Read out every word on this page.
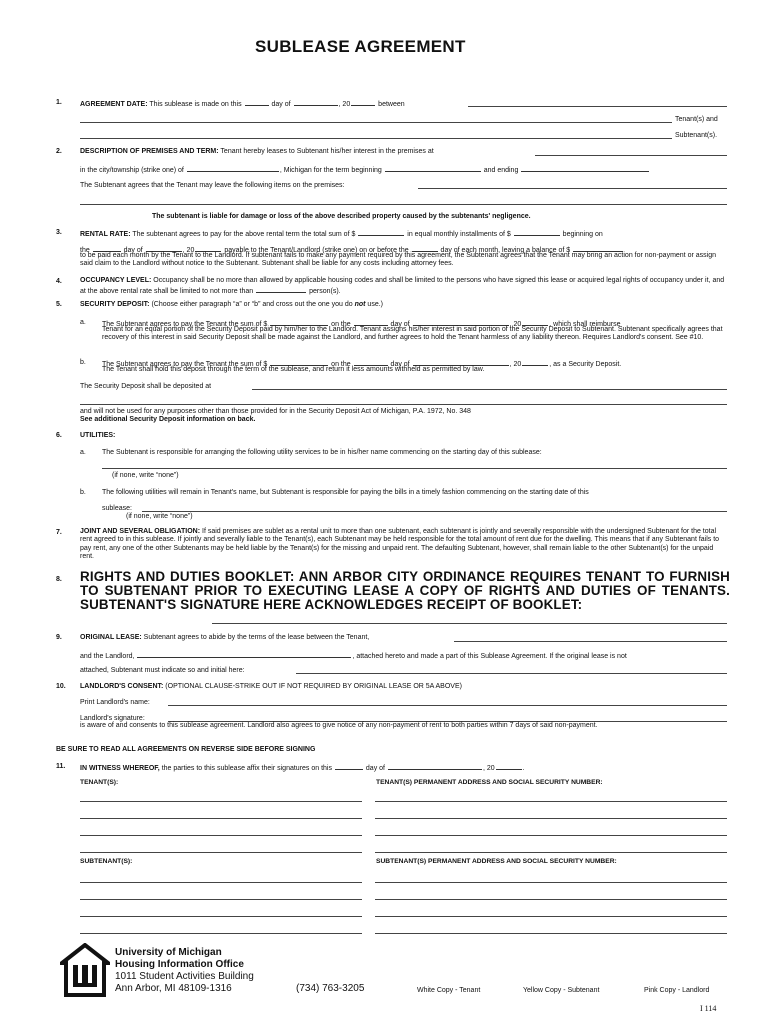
SUBLEASE AGREEMENT
1.	AGREEMENT DATE: This sublease is made on this	day of	, 20	between
Tenant(s) and
Subtenant(s).
2.	DESCRIPTION OF PREMISES AND TERM: Tenant hereby leases to Subtenant his/her interest in the premises at
in the city/township (strike one) of	, Michigan for the term beginning	and ending
The Subtenant agrees that the Tenant may leave the following items on the premises:
The subtenant is liable for damage or loss of the above described property caused by the subtenants' negligence.
3.	RENTAL RATE: The subtenant agrees to pay for the above rental term the total sum of $	in equal monthly installments of $	beginning on
the	day of	, 20	payable to the Tenant/Landlord (strike one) on or before the	day of each month, leaving a balance of $
to be paid each month by the Tenant to the Landlord. If subtenant fails to make any payment required by this agreement, the Subtenant agrees that the Tenant may bring an action for non-payment or assign said claim to the Landlord without notice to the Subtenant. Subtenant shall be liable for any costs including attorney fees.
4.	OCCUPANCY LEVEL: Occupancy shall be no more than allowed by applicable housing codes and shall be limited to the persons who have signed this lease or acquired legal rights of occupancy under it, and at the above rental rate shall be limited to not more than	person(s).
5.	SECURITY DEPOSIT: (Choose either paragraph “a” or “b” and cross out the one you do not use.)
a. The Subtenant agrees to pay the Tenant the sum of $	on the	day of	, 20	, which shall reimburse
Tenant for an equal portion of the Security Deposit paid by him/her to the Landlord. Tenant assigns his/her interest in said portion of the Security Deposit to Subtenant. Subtenant specifically agrees that recovery of this interest in said Security Deposit shall be made against the Landlord, and further agrees to hold the Tenant harmless of any liability thereon. Requires Landlord's consent. See #10.
b. The Subtenant agrees to pay the Tenant the sum of $	on the	day of	, 20	, as a Security Deposit.
The Tenant shall hold this deposit through the term of the sublease, and return it less amounts withheld as permitted by law.
The Security Deposit shall be deposited at
and will not be used for any purposes other than those provided for in the Security Deposit Act of Michigan, P.A. 1972, No. 348
See additional Security Deposit information on back.
6.	UTILITIES:
a. The Subtenant is responsible for arranging the following utility services to be in his/her name commencing on the starting day of this sublease:
(if none, write “none”)
b. The following utilities will remain in Tenant's name, but Subtenant is responsible for paying the bills in a timely fashion commencing on the starting date of this
sublease:
(if none, write “none”)
7.	JOINT AND SEVERAL OBLIGATION: If said premises are sublet as a rental unit to more than one subtenant, each subtenant is jointly and severally responsible with the undersigned Subtenant for the total rent agreed to in this sublease. If jointly and severally liable to the Tenant(s), each Subtenant may be held responsible for the total amount of rent due for the dwelling. This means that if any Subtenant fails to pay rent, any one of the other Subtenants may be held liable by the Tenant(s) for the missing and unpaid rent. The defaulting Subtenant, however, shall remain liable to the other Subtenant(s) for the unpaid rent.
8. RIGHTS AND DUTIES BOOKLET: ANN ARBOR CITY ORDINANCE REQUIRES TENANT TO FURNISH TO SUBTENANT PRIOR TO EXECUTING LEASE A COPY OF RIGHTS AND DUTIES OF TENANTS. SUBTENANT'S SIGNATURE HERE ACKNOWLEDGES RECEIPT OF BOOKLET:
9.	ORIGINAL LEASE: Subtenant agrees to abide by the terms of the lease between the Tenant,
and the Landlord,	, attached hereto and made a part of this Sublease Agreement. If the original lease is not
attached, Subtenant must indicate so and initial here:
10. LANDLORD'S CONSENT: (OPTIONAL CLAUSE-STRIKE OUT IF NOT REQUIRED BY ORIGINAL LEASE OR 5A ABOVE)
Print Landlord's name:
Landlord's signature:
is aware of and consents to this sublease agreement. Landlord also agrees to give notice of any non-payment of rent to both parties within 7 days of said non-payment.
BE SURE TO READ ALL AGREEMENTS ON REVERSE SIDE BEFORE SIGNING
11. IN WITNESS WHEREOF, the parties to this sublease affix their signatures on this	day of	, 20	.
TENANT(S):	TENANT(S) PERMANENT ADDRESS AND SOCIAL SECURITY NUMBER:
SUBTENANT(S):	SUBTENANT(S) PERMANENT ADDRESS AND SOCIAL SECURITY NUMBER:
University of Michigan
Housing Information Office
1011 Student Activities Building
Ann Arbor, MI 48109-1316	(734) 763-3205	White Copy - Tenant	Yellow Copy - Subtenant	Pink Copy - Landlord
I 114
